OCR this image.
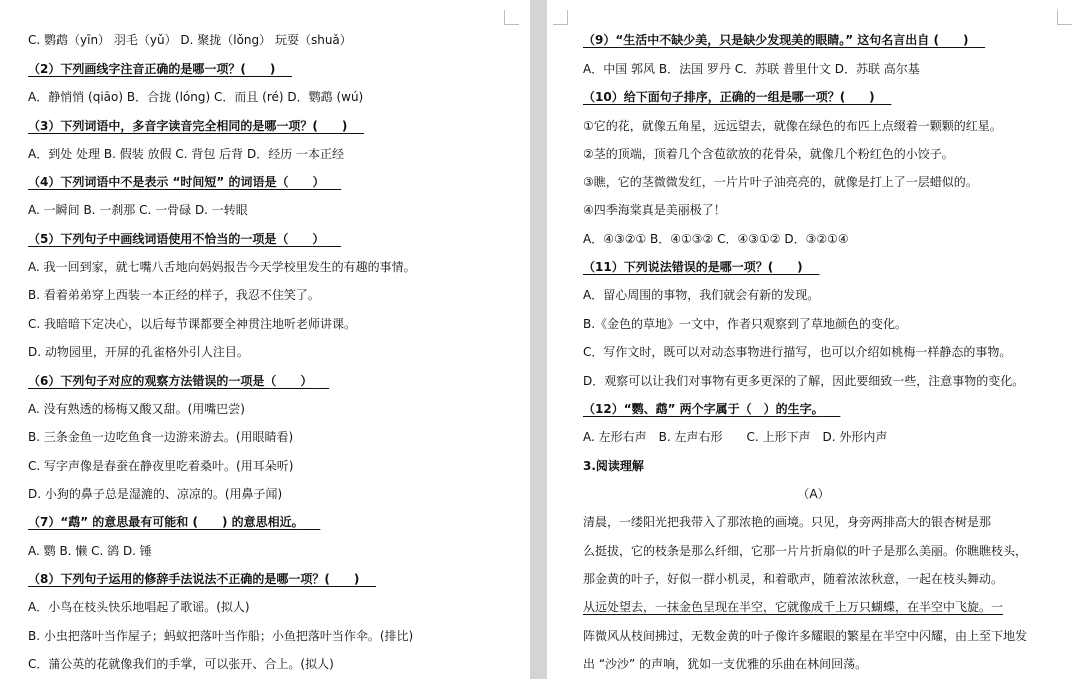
C. 鹦鹉（yīn） 羽毛（yǔ） D. 聚拢（lǒng） 玩耍（shuǎ）
（2）下列画线字注音正确的是哪一项？(　　)
A．静悄悄 (qiāo) B．合拢 (lóng) C．而且 (ré) D．鹦鹉 (wú)
（3）下列词语中，多音字读音完全相同的是哪一项？(　　)
A．到处 处理 B. 假装 放假 C. 背包 后背 D．经历 一本正经
（4）下列词语中不是表示 “时间短” 的词语是（　　）
A. 一瞬间 B. 一刹那 C. 一骨碌 D. 一转眼
（5）下列句子中画线词语使用不恰当的一项是（　　）
A. 我一回到家，就七嘴八舌地向妈妈报告今天学校里发生的有趣的事情。
B. 看着弟弟穿上西装一本正经的样子，我忍不住笑了。
C. 我暗暗下定决心，以后每节课都要全神贯注地听老师讲课。
D. 动物园里，开屏的孔雀格外引人注目。
（6）下列句子对应的观察方法错误的一项是（　　）
A. 没有熟透的杨梅又酸又甜。(用嘴巴尝)
B. 三条金鱼一边吃鱼食一边游来游去。(用眼睛看)
C. 写字声像是春蚕在静夜里吃着桑叶。(用耳朵听)
D. 小狗的鼻子总是湿漉的、凉凉的。(用鼻子闻)
（7）“鹉” 的意思最有可能和 (　　) 的意思相近。
A. 鹦 B. 懒 C. 鹆 D. 锤
（8）下列句子运用的修辞手法说法不正确的是哪一项？(　　)
A．小鸟在枝头快乐地唱起了歌谣。(拟人)
B. 小虫把落叶当作屋子；蚂蚁把落叶当作船；小鱼把落叶当作伞。(排比)
C．蒲公英的花就像我们的手掌，可以张开、合上。(拟人)
（9）“生活中不缺少美，只是缺少发现美的眼睛。” 这句名言出自 (　　)
A．中国 郭风 B．法国 罗丹 C．苏联 普里什文 D．苏联 高尔基
（10）给下面句子排序，正确的一组是哪一项？(　　)
①它的花，就像五角星，远远望去，就像在绿色的布匹上点缀着一颗颗的红星。
②茎的顶端，顶着几个含苞欲放的花骨朵，就像几个粉红色的小饺子。
③瞧，它的茎微微发红，一片片叶子油亮亮的，就像是打上了一层蜡似的。
④四季海棠真是美丽极了！
A．④③②① B．④①③② C．④③①② D．③②①④
（11）下列说法错误的是哪一项？(　　)
A．留心周围的事物，我们就会有新的发现。
B.《金色的草地》一文中，作者只观察到了草地颜色的变化。
C．写作文时，既可以对动态事物进行描写，也可以介绍如桃梅一样静态的事物。
D．观察可以让我们对事物有更多更深的了解，因此要细致一些，注意事物的变化。
（12）“鹦、鹉” 两个字属于（　）的生字。
A. 左形右声　B. 左声右形　　C. 上形下声　D. 外形内声
3.阅读理解
（A）
清晨，一缕阳光把我带入了那浓艳的画境。只见，身旁两排高大的银杏树是那
么挺拔，它的枝条是那么纤细，它那一片片折扇似的叶子是那么美丽。你瞧瞧枝头，
那金黄的叶子，好似一群小机灵，和着歌声，随着浓浓秋意，一起在枝头舞动。
从远处望去，一抹金色呈现在半空，它就像成千上万只蝴蝶，在半空中飞旋。一
阵微风从枝间拂过，无数金黄的叶子像许多耀眼的繁星在半空中闪耀，由上至下地发
出 “沙沙” 的声响，犹如一支优雅的乐曲在林间回荡。
